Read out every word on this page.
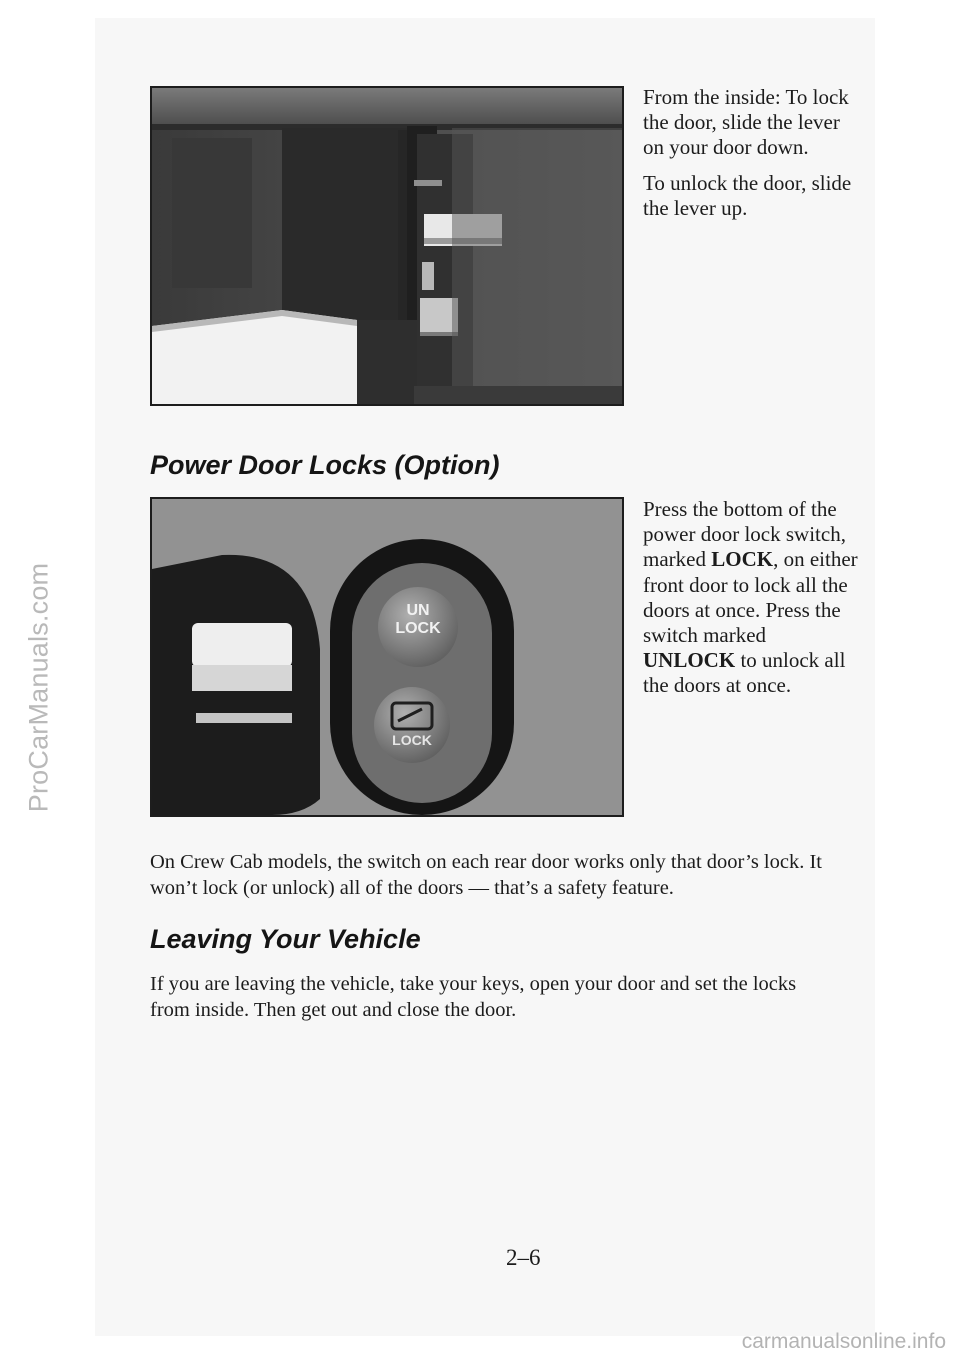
ProCarManuals.com

From the inside: To lock the door, slide the lever on your door down.

To unlock the door, slide the lever up.

Power Door Locks (Option)
UN
LOCK
LOCK

Press the bottom of the power door lock switch, marked LOCK, on either front door to lock all the doors at once. Press the switch marked UNLOCK to unlock all the doors at once.

On Crew Cab models, the switch on each rear door works only that door’s lock. It won’t lock (or unlock) all of the doors — that’s a safety feature.

Leaving Your Vehicle

If you are leaving the vehicle, take your keys, open your door and set the locks from inside. Then get out and close the door.

2–6

carmanualsonline.info
